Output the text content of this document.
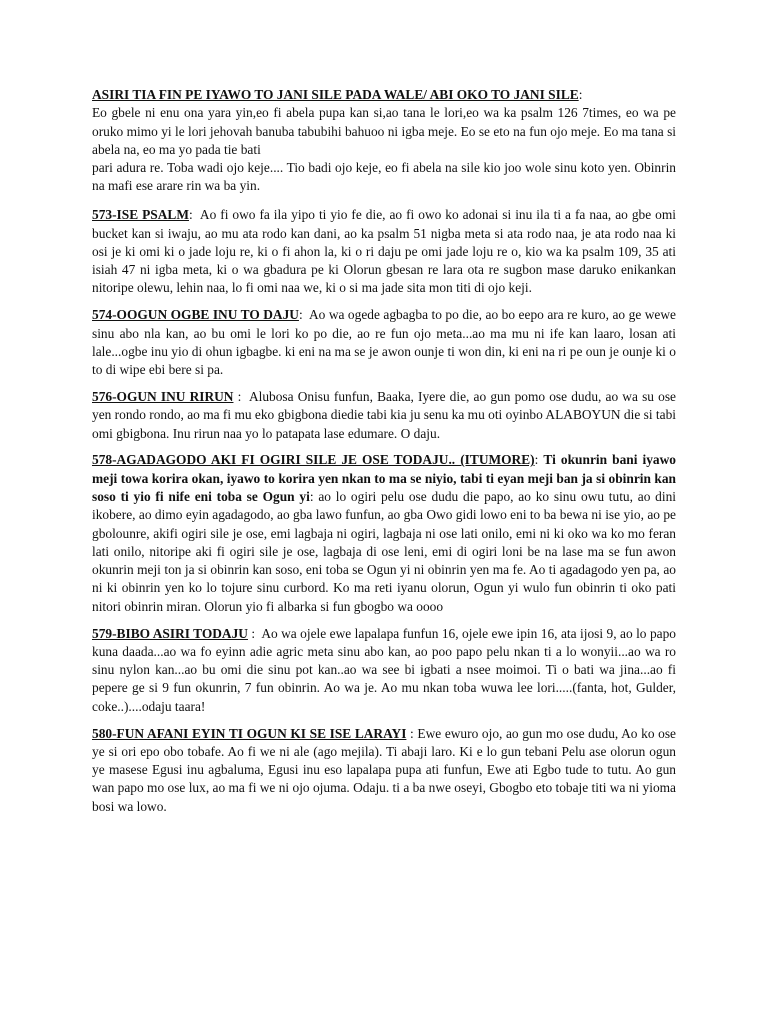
ASIRI TIA FIN PE IYAWO TO JANI SILE PADA WALE/ ABI OKO TO JANI SILE:
Eo gbele ni enu ona yara yin,eo fi abela pupa kan si,ao tana le lori,eo wa ka psalm 126 7times, eo wa pe oruko mimo yi le lori jehovah banuba tabubihi bahuoo ni igba meje. Eo se eto na fun ojo meje. Eo ma tana si abela na, eo ma yo pada tie bati
pari adura re. Toba wadi ojo keje.... Tio badi ojo keje, eo fi abela na sile kio joo wole sinu koto yen. Obinrin na mafi ese arare rin wa ba yin.
573-ISE PSALM: Ao fi owo fa ila yipo ti yio fe die, ao fi owo ko adonai si inu ila ti a fa naa, ao gbe omi bucket kan si iwaju, ao mu ata rodo kan dani, ao ka psalm 51 nigba meta si ata rodo naa, je ata rodo naa ki osi je ki omi ki o jade loju re, ki o fi ahon la, ki o ri daju pe omi jade loju re o, kio wa ka psalm 109, 35 ati isiah 47 ni igba meta, ki o wa gbadura pe ki Olorun gbesan re lara ota re sugbon mase daruko enikankan nitoripe olewu, lehin naa, lo fi omi naa we, ki o si ma jade sita mon titi di ojo keji.
574-OOGUN OGBE INU TO DAJU: Ao wa ogede agbagba to po die, ao bo eepo ara re kuro, ao ge wewe sinu abo nla kan, ao bu omi le lori ko po die, ao re fun ojo meta...ao ma mu ni ife kan laaro, losan ati lale...ogbe inu yio di ohun igbagbe. ki eni na ma se je awon ounje ti won din, ki eni na ri pe oun je ounje ki o to di wipe ebi bere si pa.
576-OGUN INU RIRUN : Alubosa Onisu funfun, Baaka, Iyere die, ao gun pomo ose dudu, ao wa su ose yen rondo rondo, ao ma fi mu eko gbigbona diedie tabi kia ju senu ka mu oti oyinbo ALABOYUN die si tabi omi gbigbona. Inu rirun naa yo lo patapata lase edumare. O daju.
578-AGADAGODO AKI FI OGIRI SILE JE OSE TODAJU.. (ITUMORE): Ti okunrin bani iyawo meji towa korira okan, iyawo to korira yen nkan to ma se niyio, tabi ti eyan meji ban ja si obinrin kan soso ti yio fi nife eni toba se Ogun yi: ao lo ogiri pelu ose dudu die papo, ao ko sinu owu tutu, ao dini ikobere, ao dimo eyin agadagodo, ao gba lawo funfun, ao gba Owo gidi lowo eni to ba bewa ni ise yio, ao pe gbolounre, akifi ogiri sile je ose, emi lagbaja ni ogiri, lagbaja ni ose lati onilo, emi ni ki oko wa ko mo feran lati onilo, nitoripe aki fi ogiri sile je ose, lagbaja di ose leni, emi di ogiri loni be na lase ma se fun awon okunrin meji ton ja si obinrin kan soso, eni toba se Ogun yi ni obinrin yen ma fe. Ao ti agadagodo yen pa, ao ni ki obinrin yen ko lo tojure sinu curbord. Ko ma reti iyanu olorun, Ogun yi wulo fun obinrin ti oko pati nitori obinrin miran. Olorun yio fi albarka si fun gbogbo wa oooo
579-BIBO ASIRI TODAJU : Ao wa ojele ewe lapalapa funfun 16, ojele ewe ipin 16, ata ijosi 9, ao lo papo kuna daada...ao wa fo eyinn adie agric meta sinu abo kan, ao poo papo pelu nkan ti a lo wonyii...ao wa ro sinu nylon kan...ao bu omi die sinu pot kan..ao wa see bi igbati a nsee moimoi. Ti o bati wa jina...ao fi pepere ge si 9 fun okunrin, 7 fun obinrin. Ao wa je. Ao mu nkan toba wuwa lee lori.....(fanta, hot, Gulder, coke..)....odaju taara!
580-FUN AFANI EYIN TI OGUN KI SE ISE LARAYI : Ewe ewuro ojo, ao gun mo ose dudu, Ao ko ose ye si ori epo obo tobafe. Ao fi we ni ale (ago mejila). Ti abaji laro. Ki e lo gun tebani Pelu ase olorun ogun ye masese Egusi inu agbaluma, Egusi inu eso lapalapa pupa ati funfun, Ewe ati Egbo tude to tutu. Ao gun wan papo mo ose lux, ao ma fi we ni ojo ojuma. Odaju. ti a ba nwe oseyi, Gbogbo eto tobaje titi wa ni yioma bosi wa lowo.
